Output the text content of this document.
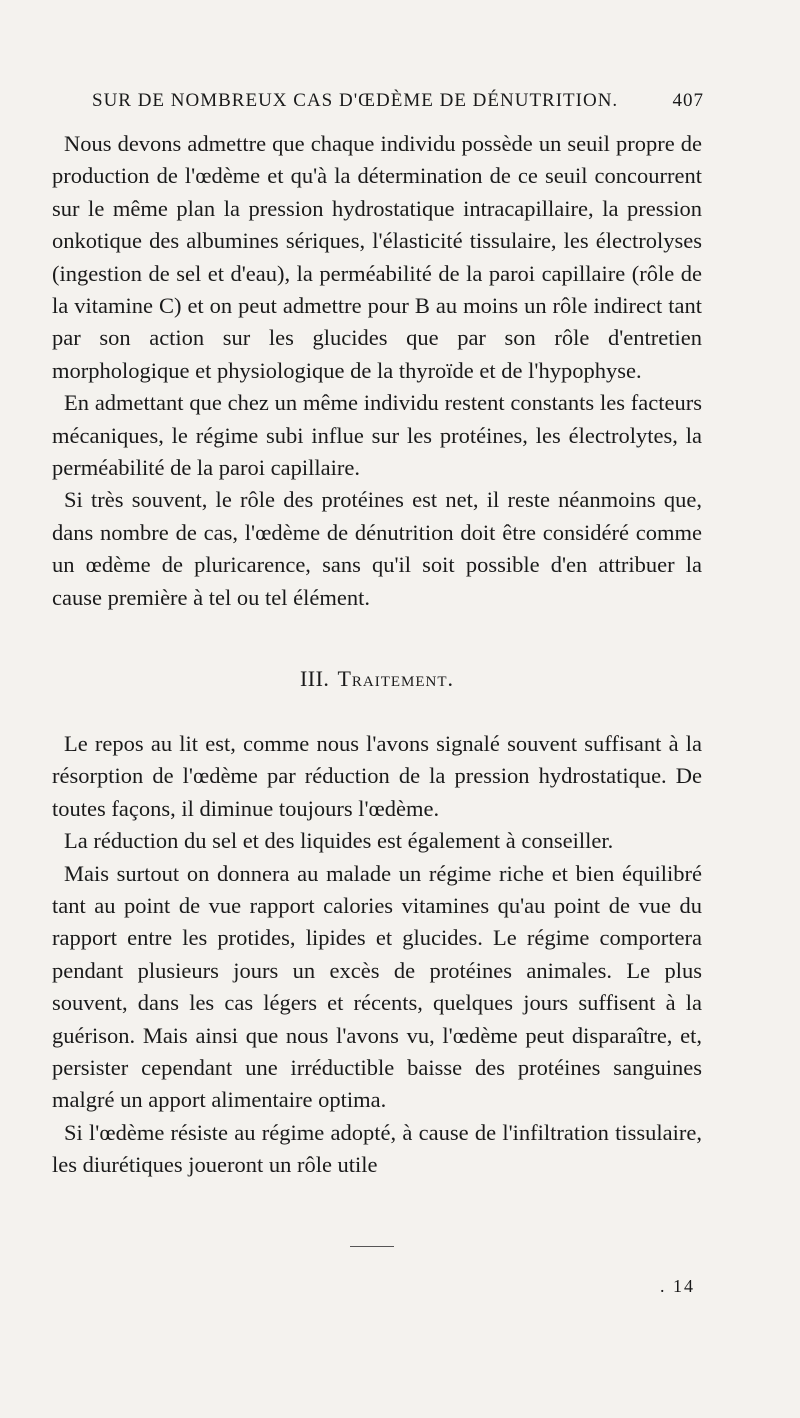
SUR DE NOMBREUX CAS D'ŒDÈME DE DÉNUTRITION.	407

Nous devons admettre que chaque individu possède un seuil propre de production de l'œdème et qu'à la détermination de ce seuil concourrent sur le même plan la pression hydrostatique intracapillaire, la pression onkotique des albumines sériques, l'élasticité tissulaire, les électrolyses (ingestion de sel et d'eau), la perméabilité de la paroi capillaire (rôle de la vitamine C) et on peut admettre pour B au moins un rôle indirect tant par son action sur les glucides que par son rôle d'entretien morphologique et physiologique de la thyroïde et de l'hypophyse.

En admettant que chez un même individu restent constants les facteurs mécaniques, le régime subi influe sur les protéines, les électrolytes, la perméabilité de la paroi capillaire.

Si très souvent, le rôle des protéines est net, il reste néanmoins que, dans nombre de cas, l'œdème de dénutrition doit être considéré comme un œdème de pluricarence, sans qu'il soit possible d'en attribuer la cause première à tel ou tel élément.

III. Traitement.

Le repos au lit est, comme nous l'avons signalé souvent suffisant à la résorption de l'œdème par réduction de la pression hydrostatique. De toutes façons, il diminue toujours l'œdème.

La réduction du sel et des liquides est également à conseiller.

Mais surtout on donnera au malade un régime riche et bien équilibré tant au point de vue rapport calories vitamines qu'au point de vue du rapport entre les protides, lipides et glucides. Le régime comportera pendant plusieurs jours un excès de protéines animales. Le plus souvent, dans les cas légers et récents, quelques jours suffisent à la guérison. Mais ainsi que nous l'avons vu, l'œdème peut disparaître, et, persister cependant une irréductible baisse des protéines sanguines malgré un apport alimentaire optima.

Si l'œdème résiste au régime adopté, à cause de l'infiltration tissulaire, les diurétiques joueront un rôle utile

. 14
